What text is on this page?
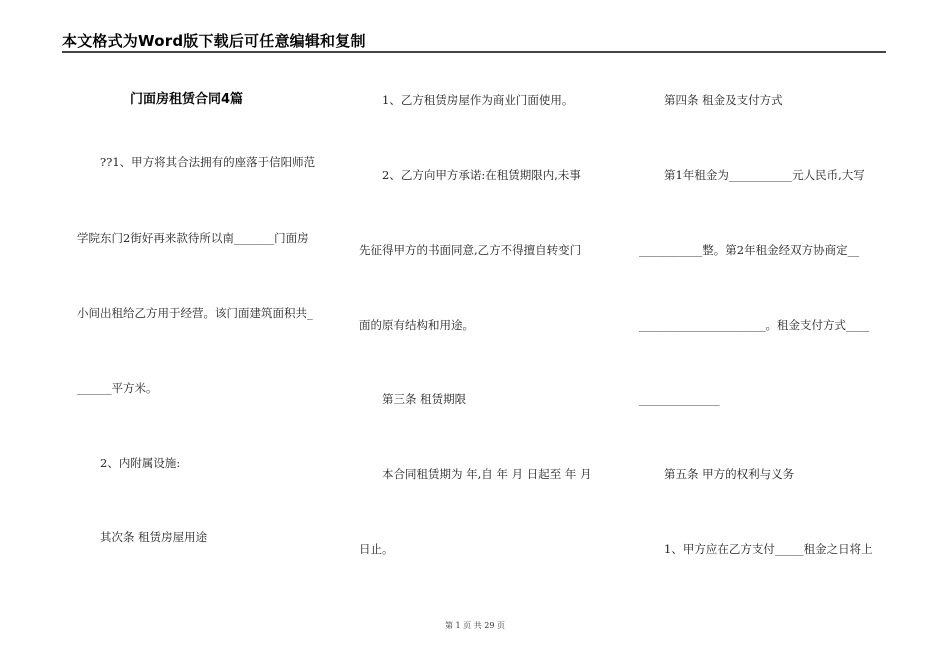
本文格式为Word版下载后可任意编辑和复制
门面房租赁合同4篇
??1、甲方将其合法拥有的座落于信阳师范
学院东门2街好再来款待所以南_______门面房
小间出租给乙方用于经营。该门面建筑面积共_
______平方米。
2、内附属设施:
其次条 租赁房屋用途
1、乙方租赁房屋作为商业门面使用。
2、乙方向甲方承诺:在租赁期限内,未事
先征得甲方的书面同意,乙方不得擅自转变门
面的原有结构和用途。
第三条 租赁期限
本合同租赁期为 年,自 年 月 日起至 年 月
日止。
第四条 租金及支付方式
第1年租金为___________元人民币,大写
___________整。第2年租金经双方协商定__
______________________。租金支付方式____
______________
第五条 甲方的权利与义务
1、甲方应在乙方支付_____租金之日将上
第 1 页 共 29 页
